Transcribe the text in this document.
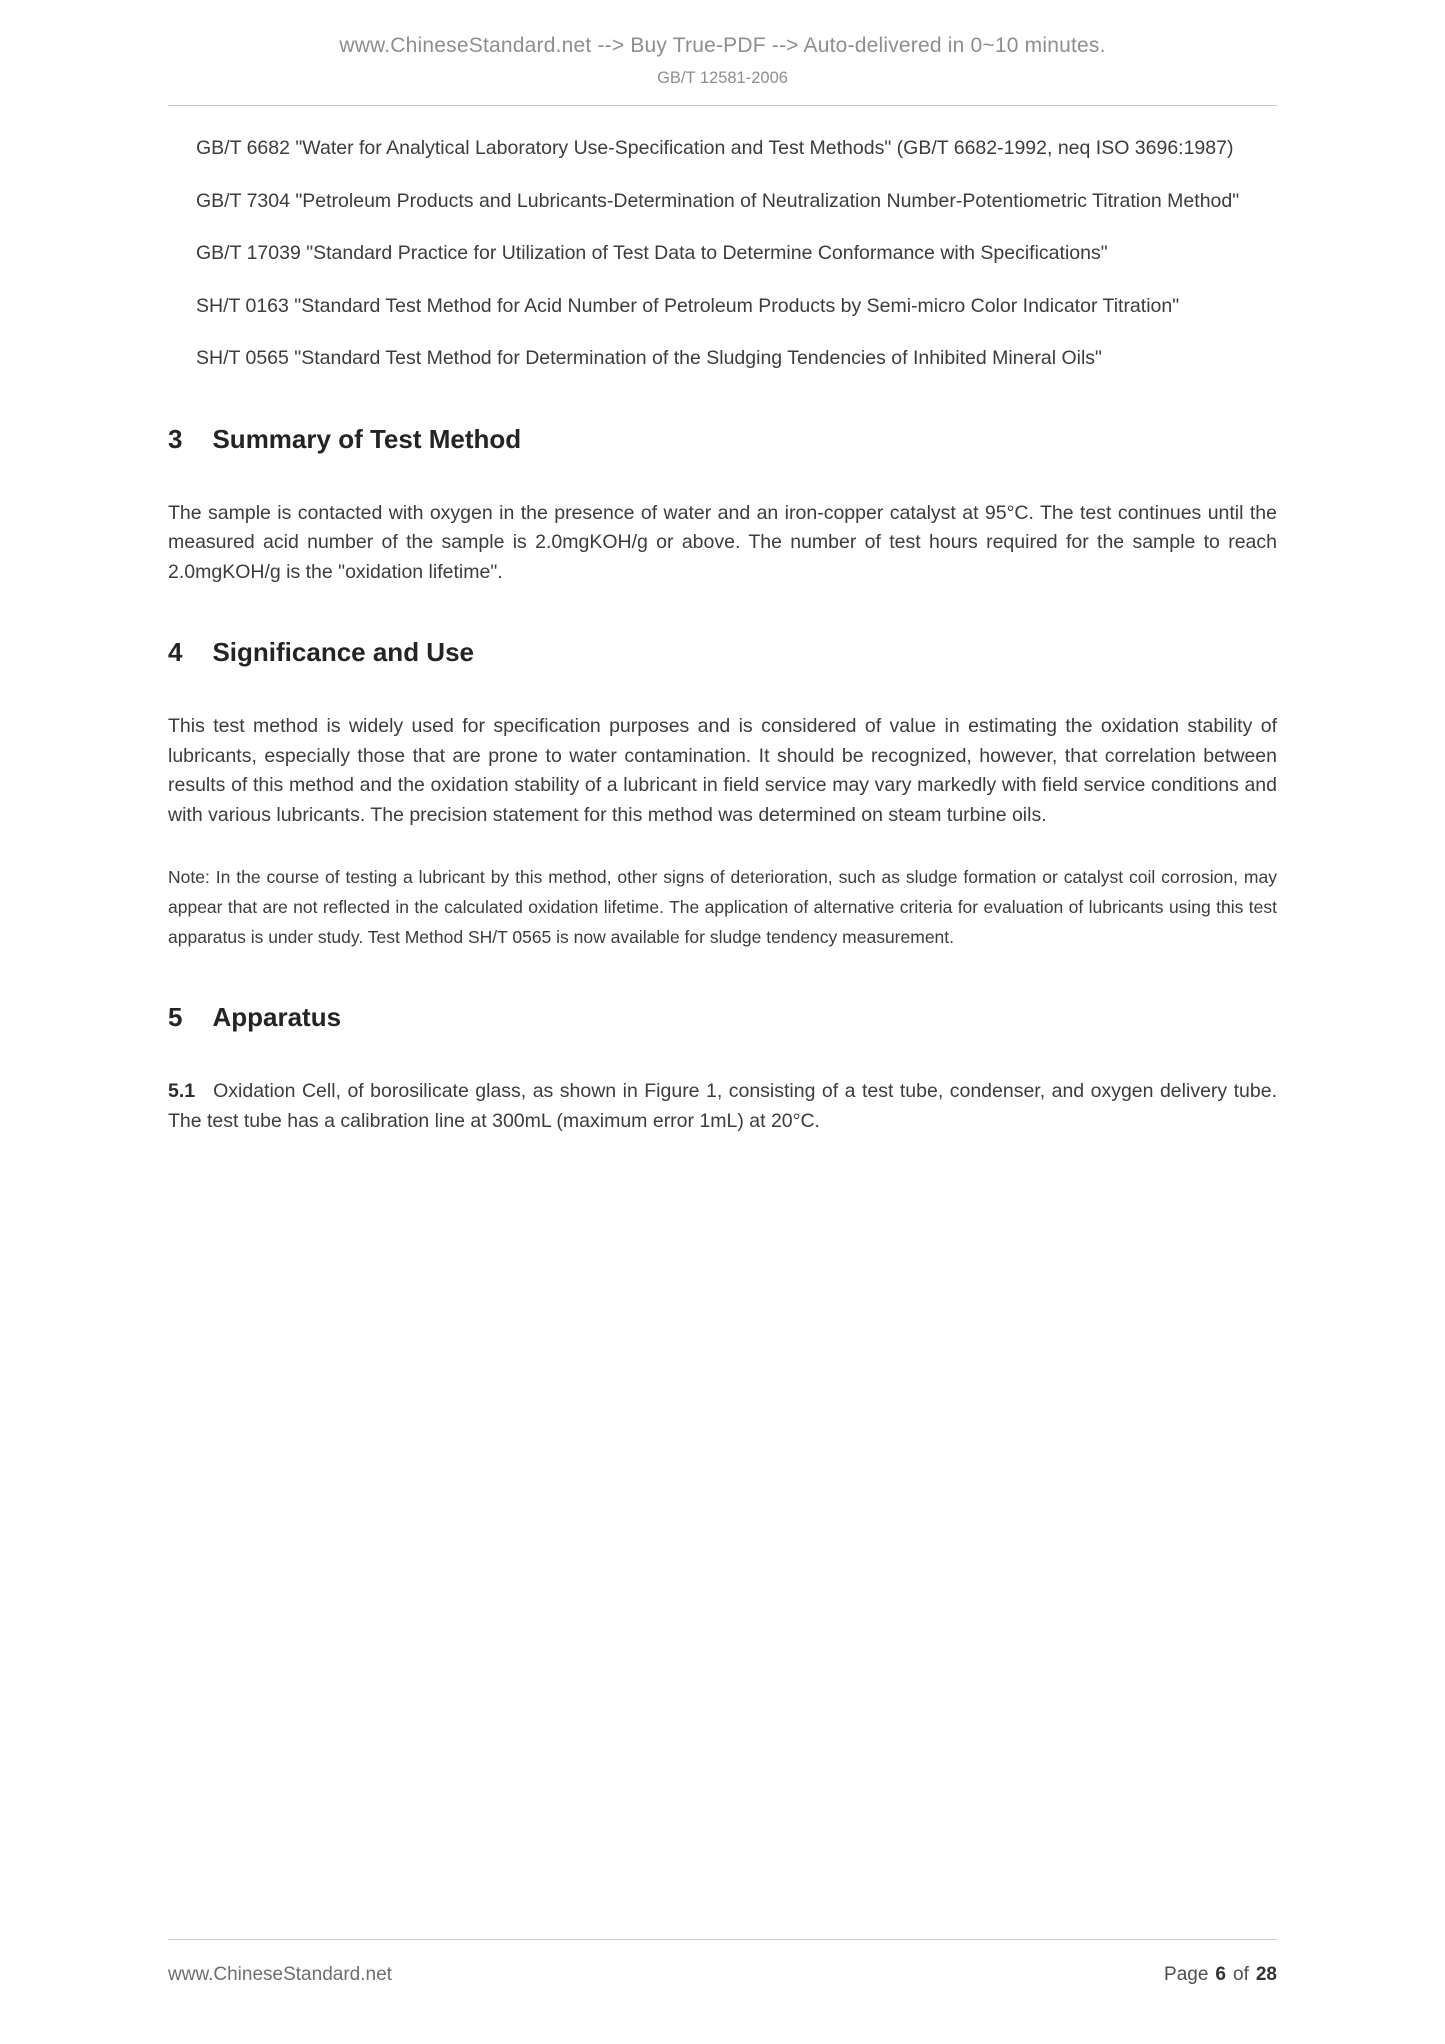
www.ChineseStandard.net --> Buy True-PDF --> Auto-delivered in 0~10 minutes.
GB/T 12581-2006

GB/T 6682 "Water for Analytical Laboratory Use-Specification and Test Methods" (GB/T 6682-1992, neq ISO 3696:1987)

GB/T 7304 "Petroleum Products and Lubricants-Determination of Neutralization Number-Potentiometric Titration Method"

GB/T 17039 "Standard Practice for Utilization of Test Data to Determine Conformance with Specifications"

SH/T 0163 "Standard Test Method for Acid Number of Petroleum Products by Semi-micro Color Indicator Titration"

SH/T 0565 "Standard Test Method for Determination of the Sludging Tendencies of Inhibited Mineral Oils"

3 Summary of Test Method

The sample is contacted with oxygen in the presence of water and an iron-copper catalyst at 95°C. The test continues until the measured acid number of the sample is 2.0mgKOH/g or above. The number of test hours required for the sample to reach 2.0mgKOH/g is the "oxidation lifetime".

4 Significance and Use

This test method is widely used for specification purposes and is considered of value in estimating the oxidation stability of lubricants, especially those that are prone to water contamination. It should be recognized, however, that correlation between results of this method and the oxidation stability of a lubricant in field service may vary markedly with field service conditions and with various lubricants. The precision statement for this method was determined on steam turbine oils.

Note: In the course of testing a lubricant by this method, other signs of deterioration, such as sludge formation or catalyst coil corrosion, may appear that are not reflected in the calculated oxidation lifetime. The application of alternative criteria for evaluation of lubricants using this test apparatus is under study. Test Method SH/T 0565 is now available for sludge tendency measurement.

5 Apparatus

5.1 Oxidation Cell, of borosilicate glass, as shown in Figure 1, consisting of a test tube, condenser, and oxygen delivery tube. The test tube has a calibration line at 300mL (maximum error 1mL) at 20°C.

www.ChineseStandard.net	Page 6 of 28
